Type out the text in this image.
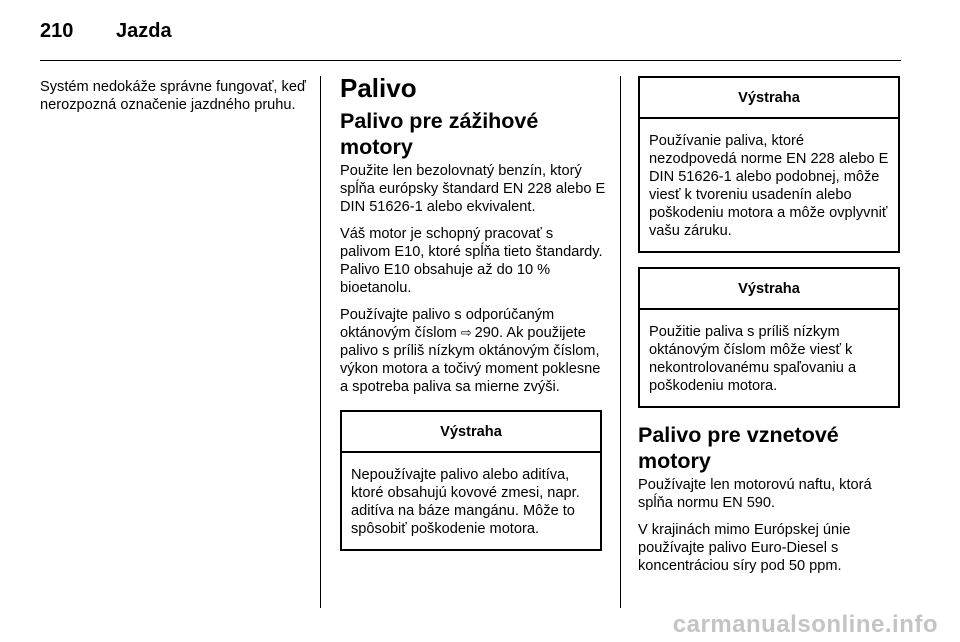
210 Jazda

Systém nedokáže správne fungovať, keď nerozpozná označenie jazdného pruhu.

Palivo
Palivo pre zážihové motory

Použite len bezolovnatý benzín, ktorý spĺňa európsky štandard EN 228 alebo E DIN 51626-1 alebo ekvivalent.

Váš motor je schopný pracovať s palivom E10, ktoré spĺňa tieto štandardy. Palivo E10 obsahuje až do 10 % bioetanolu.

Používajte palivo s odporúčaným oktánovým číslom ⇨  290. Ak použijete palivo s príliš nízkym oktánovým číslom, výkon motora a točivý moment poklesne a spotreba paliva sa mierne zvýši.

Výstraha
Nepoužívajte palivo alebo aditíva, ktoré obsahujú kovové zmesi, napr. aditíva na báze mangánu. Môže to spôsobiť poškodenie motora.
Výstraha
Používanie paliva, ktoré nezodpovedá norme EN 228 alebo E DIN 51626-1 alebo podobnej, môže viesť k tvoreniu usadenín alebo poškodeniu motora a môže ovplyvniť vašu záruku.
Výstraha
Použitie paliva s príliš nízkym oktánovým číslom môže viesť k nekontrolovanému spaľovaniu a poškodeniu motora.
Palivo pre vznetové motory

Používajte len motorovú naftu, ktorá spĺňa normu EN 590.

V krajinách mimo Európskej únie používajte palivo Euro-Diesel s koncentráciou síry pod 50 ppm.

carmanualsonline.info
